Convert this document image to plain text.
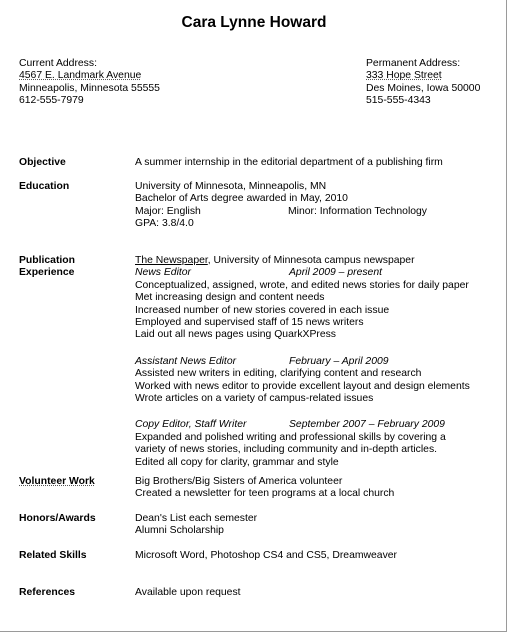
Cara Lynne Howard
Current Address:
4567 E. Landmark Avenue
Minneapolis, Minnesota 55555
612-555-7979
Permanent Address:
333 Hope Street
Des Moines, Iowa 50000
515-555-4343
Objective	A summer internship in the editorial department of a publishing firm
Education	University of Minnesota, Minneapolis, MN
Bachelor of Arts degree awarded in May, 2010
Major: English	Minor: Information Technology
GPA: 3.8/4.0
Publication
Experience
The Newspaper, University of Minnesota campus newspaper
News Editor	April 2009 – present
Conceptualized, assigned, wrote, and edited news stories for daily paper
Met increasing design and content needs
Increased number of new stories covered in each issue
Employed and supervised staff of 15 news writers
Laid out all news pages using QuarkXPress
Assistant News Editor	February – April 2009
Assisted new writers in editing, clarifying content and research
Worked with news editor to provide excellent layout and design elements
Wrote articles on a variety of campus-related issues
Copy Editor, Staff Writer	September 2007 – February 2009
Expanded and polished writing and professional skills by covering a
variety of news stories, including community and in-depth articles.
Edited all copy for clarity, grammar and style
Volunteer Work	Big Brothers/Big Sisters of America volunteer
Created a newsletter for teen programs at a local church
Honors/Awards	Dean's List each semester
Alumni Scholarship
Related Skills	Microsoft Word, Photoshop CS4 and CS5, Dreamweaver
References	Available upon request
